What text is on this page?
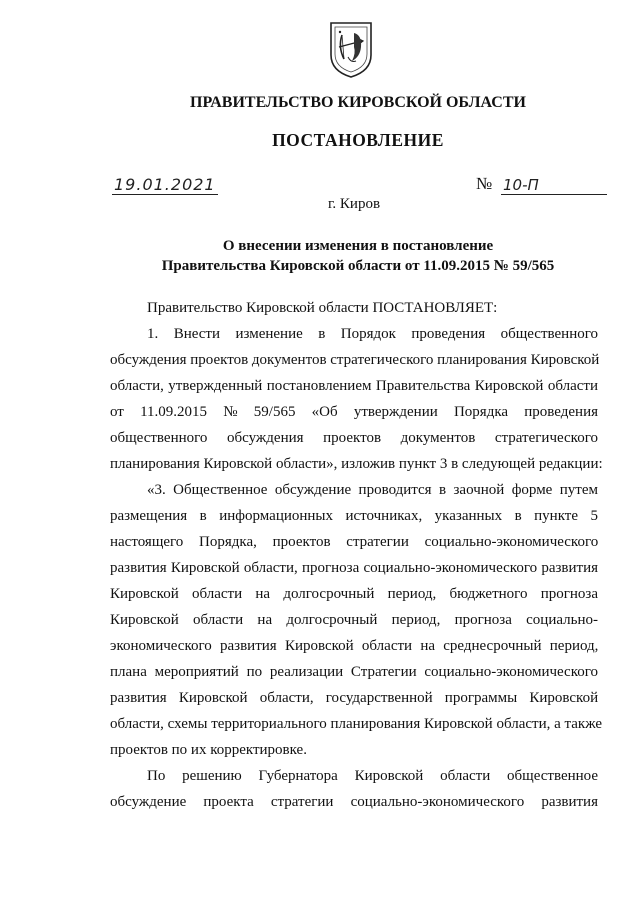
ПРАВИТЕЛЬСТВО КИРОВСКОЙ ОБЛАСТИ
ПОСТАНОВЛЕНИЕ
19.01.2021	№ 10-П
г. Киров
О внесении изменения в постановление
Правительства Кировской области от 11.09.2015 № 59/565
Правительство Кировской области ПОСТАНОВЛЯЕТ:
1. Внести изменение в Порядок проведения общественного
обсуждения проектов документов стратегического планирования Кировской
области, утвержденный постановлением Правительства Кировской области
от 11.09.2015 № 59/565 «Об утверждении Порядка проведения
общественного обсуждения проектов документов стратегического
планирования Кировской области», изложив пункт 3 в следующей редакции:
«3. Общественное обсуждение проводится в заочной форме путем
размещения в информационных источниках, указанных в пункте 5
настоящего Порядка, проектов стратегии социально-экономического
развития Кировской области, прогноза социально-экономического развития
Кировской области на долгосрочный период, бюджетного прогноза
Кировской области на долгосрочный период, прогноза социально-
экономического развития Кировской области на среднесрочный период,
плана мероприятий по реализации Стратегии социально-экономического
развития Кировской области, государственной программы Кировской
области, схемы территориального планирования Кировской области, а также
проектов по их корректировке.
По решению Губернатора Кировской области общественное
обсуждение проекта стратегии социально-экономического развития
